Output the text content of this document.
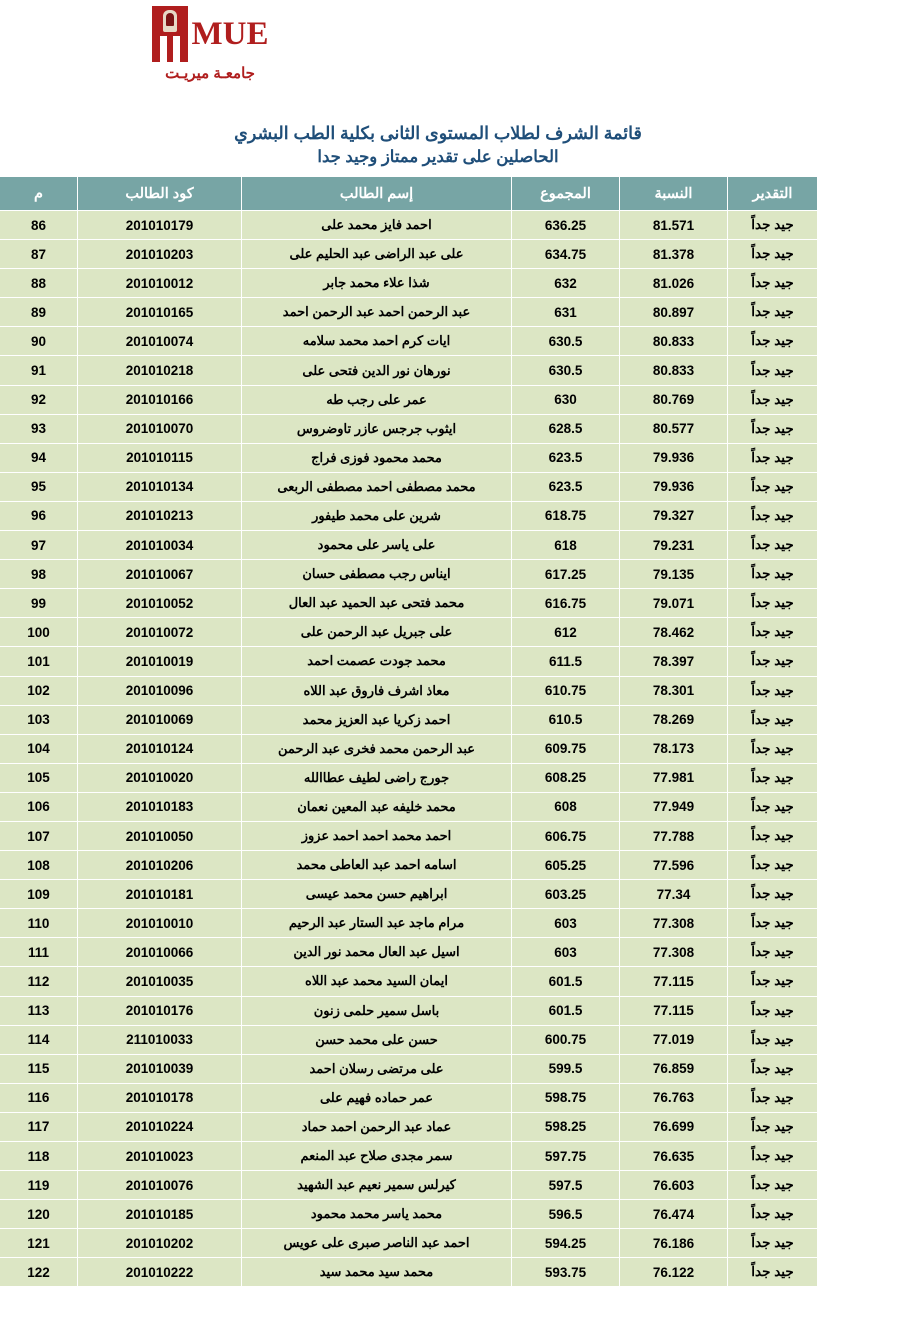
MUE
جامعـة ميريـت
قائمة الشرف لطلاب المستوى الثانى بكلية الطب البشري
الحاصلين على تقدير ممتاز وجيد جدا
التقدير	النسبة	المجموع	إسم الطالب	كود الطالب	م
جيد جداً	81.571	636.25	احمد فايز محمد على	201010179	86
جيد جداً	81.378	634.75	على عبد الراضى عبد الحليم على	201010203	87
جيد جداً	81.026	632	شذا علاء محمد جابر	201010012	88
جيد جداً	80.897	631	عبد الرحمن احمد عبد الرحمن احمد	201010165	89
جيد جداً	80.833	630.5	ايات كرم احمد محمد سلامه	201010074	90
جيد جداً	80.833	630.5	نورهان نور الدين فتحى على	201010218	91
جيد جداً	80.769	630	عمر على رجب طه	201010166	92
جيد جداً	80.577	628.5	ايثوب جرجس عازر تاوضروس	201010070	93
جيد جداً	79.936	623.5	محمد محمود فوزى فراج	201010115	94
جيد جداً	79.936	623.5	محمد مصطفى احمد مصطفى الربعى	201010134	95
جيد جداً	79.327	618.75	شرين على محمد طيفور	201010213	96
جيد جداً	79.231	618	على ياسر على محمود	201010034	97
جيد جداً	79.135	617.25	ايناس رجب مصطفى حسان	201010067	98
جيد جداً	79.071	616.75	محمد فتحى عبد الحميد عبد العال	201010052	99
جيد جداً	78.462	612	على جبريل عبد الرحمن على	201010072	100
جيد جداً	78.397	611.5	محمد جودت عصمت احمد	201010019	101
جيد جداً	78.301	610.75	معاذ اشرف فاروق عبد اللاه	201010096	102
جيد جداً	78.269	610.5	احمد زكريا عبد العزيز محمد	201010069	103
جيد جداً	78.173	609.75	عبد الرحمن محمد فخرى عبد الرحمن	201010124	104
جيد جداً	77.981	608.25	جورج راضى لطيف عطاالله	201010020	105
جيد جداً	77.949	608	محمد خليفه عبد المعين نعمان	201010183	106
جيد جداً	77.788	606.75	احمد محمد احمد احمد عزوز	201010050	107
جيد جداً	77.596	605.25	اسامه احمد عبد العاطى محمد	201010206	108
جيد جداً	77.34	603.25	ابراهيم حسن محمد عيسى	201010181	109
جيد جداً	77.308	603	مرام ماجد عبد الستار عبد الرحيم	201010010	110
جيد جداً	77.308	603	اسيل عبد العال محمد نور الدين	201010066	111
جيد جداً	77.115	601.5	ايمان السيد محمد عبد اللاه	201010035	112
جيد جداً	77.115	601.5	باسل سمير حلمى زنون	201010176	113
جيد جداً	77.019	600.75	حسن على محمد حسن	211010033	114
جيد جداً	76.859	599.5	على مرتضى رسلان احمد	201010039	115
جيد جداً	76.763	598.75	عمر حماده فهيم على	201010178	116
جيد جداً	76.699	598.25	عماد عبد الرحمن احمد حماد	201010224	117
جيد جداً	76.635	597.75	سمر مجدى صلاح عبد المنعم	201010023	118
جيد جداً	76.603	597.5	كيرلس سمير نعيم عبد الشهيد	201010076	119
جيد جداً	76.474	596.5	محمد ياسر محمد محمود	201010185	120
جيد جداً	76.186	594.25	احمد عبد الناصر صبرى على عويس	201010202	121
جيد جداً	76.122	593.75	محمد سيد محمد سيد	201010222	122
